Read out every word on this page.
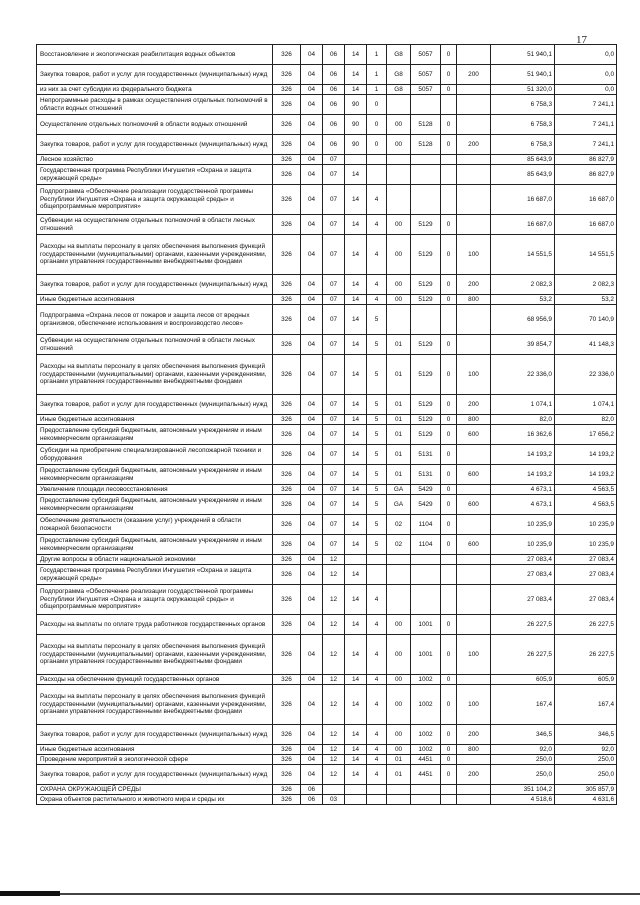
17
Восстановление и экологическая реабилитация водных объектов	326	04	06	14	1	G8	5057	0		51 940,1	0,0
Закупка товаров, работ и услуг для государственных (муниципальных) нужд	326	04	06	14	1	G8	5057	0	200	51 940,1	0,0
из них за счет субсидии из федерального бюджета	326	04	06	14	1	G8	5057	0		51 320,0	0,0
Непрограммные расходы в рамках осуществления отдельных полномочий в области водных отношений	326	04	06	90	0					6 758,3	7 241,1
Осуществление отдельных полномочий в области водных отношений	326	04	06	90	0	00	5128	0		6 758,3	7 241,1
Закупка товаров, работ и услуг для государственных (муниципальных) нужд	326	04	06	90	0	00	5128	0	200	6 758,3	7 241,1
Лесное хозяйство	326	04	07							85 643,9	86 827,9
Государственная программа Республики Ингушетия «Охрана и защита окружающей среды»	326	04	07	14						85 643,9	86 827,9
Подпрограмма «Обеспечение реализации государственной программы Республики Ингушетия «Охрана и защита окружающей среды» и общепрограммные мероприятия»	326	04	07	14	4					16 687,0	16 687,0
Субвенции на осуществление отдельных полномочий в области лесных отношений	326	04	07	14	4	00	5129	0		16 687,0	16 687,0
Расходы на выплаты персоналу в целях обеспечения выполнения функций государственными (муниципальными) органами, казенными учреждениями, органами управления государственными внебюджетными фондами	326	04	07	14	4	00	5129	0	100	14 551,5	14 551,5
Закупка товаров, работ и услуг для государственных (муниципальных) нужд	326	04	07	14	4	00	5129	0	200	2 082,3	2 082,3
Иные бюджетные ассигнования	326	04	07	14	4	00	5129	0	800	53,2	53,2
Подпрограмма «Охрана лесов от пожаров и защита лесов от вредных организмов, обеспечение использования и воспроизводство лесов»	326	04	07	14	5					68 956,9	70 140,9
Субвенции на осуществление отдельных полномочий в области лесных отношений	326	04	07	14	5	01	5129	0		39 854,7	41 148,3
Расходы на выплаты персоналу в целях обеспечения выполнения функций государственными (муниципальными) органами, казенными учреждениями, органами управления государственными внебюджетными фондами	326	04	07	14	5	01	5129	0	100	22 336,0	22 336,0
Закупка товаров, работ и услуг для государственных (муниципальных) нужд	326	04	07	14	5	01	5129	0	200	1 074,1	1 074,1
Иные бюджетные ассигнования	326	04	07	14	5	01	5129	0	800	82,0	82,0
Предоставление субсидий бюджетным, автономным учреждениям и иным некоммерческим организациям	326	04	07	14	5	01	5129	0	600	16 362,6	17 656,2
Субсидии на приобретение специализированной лесопожарной техники и оборудования	326	04	07	14	5	01	5131	0		14 193,2	14 193,2
Предоставление субсидий бюджетным, автономным учреждениям и иным некоммерческим организациям	326	04	07	14	5	01	5131	0	600	14 193,2	14 193,2
Увеличение площади лесовосстановления	326	04	07	14	5	GA	5429	0		4 673,1	4 563,5
Предоставление субсидий бюджетным, автономным учреждениям и иным некоммерческим организациям	326	04	07	14	5	GA	5429	0	600	4 673,1	4 563,5
Обеспечение деятельности (оказание услуг) учреждений в области пожарной безопасности	326	04	07	14	5	02	1104	0		10 235,9	10 235,9
Предоставление субсидий бюджетным, автономным учреждениям и иным некоммерческим организациям	326	04	07	14	5	02	1104	0	600	10 235,9	10 235,9
Другие вопросы в области национальной экономики	326	04	12							27 083,4	27 083,4
Государственная программа Республики Ингушетия «Охрана и защита окружающей среды»	326	04	12	14						27 083,4	27 083,4
Подпрограмма «Обеспечение реализации государственной программы Республики Ингушетия «Охрана и защита окружающей среды» и общепрограммные мероприятия»	326	04	12	14	4					27 083,4	27 083,4
Расходы на выплаты по оплате труда работников государственных органов	326	04	12	14	4	00	1001	0		26 227,5	26 227,5
Расходы на выплаты персоналу в целях обеспечения выполнения функций государственными (муниципальными) органами, казенными учреждениями, органами управления государственными внебюджетными фондами	326	04	12	14	4	00	1001	0	100	26 227,5	26 227,5
Расходы на обеспечение функций государственных органов	326	04	12	14	4	00	1002	0		605,9	605,9
Расходы на выплаты персоналу в целях обеспечения выполнения функций государственными (муниципальными) органами, казенными учреждениями, органами управления государственными внебюджетными фондами	326	04	12	14	4	00	1002	0	100	167,4	167,4
Закупка товаров, работ и услуг для государственных (муниципальных) нужд	326	04	12	14	4	00	1002	0	200	346,5	346,5
Иные бюджетные ассигнования	326	04	12	14	4	00	1002	0	800	92,0	92,0
Проведение мероприятий в экологической сфере	326	04	12	14	4	01	4451	0		250,0	250,0
Закупка товаров, работ и услуг для государственных (муниципальных) нужд	326	04	12	14	4	01	4451	0	200	250,0	250,0
ОХРАНА ОКРУЖАЮЩЕЙ СРЕДЫ	326	06								351 104,2	305 857,9
Охрана объектов растительного и животного мира и среды их	326	06	03							4 518,6	4 631,6
